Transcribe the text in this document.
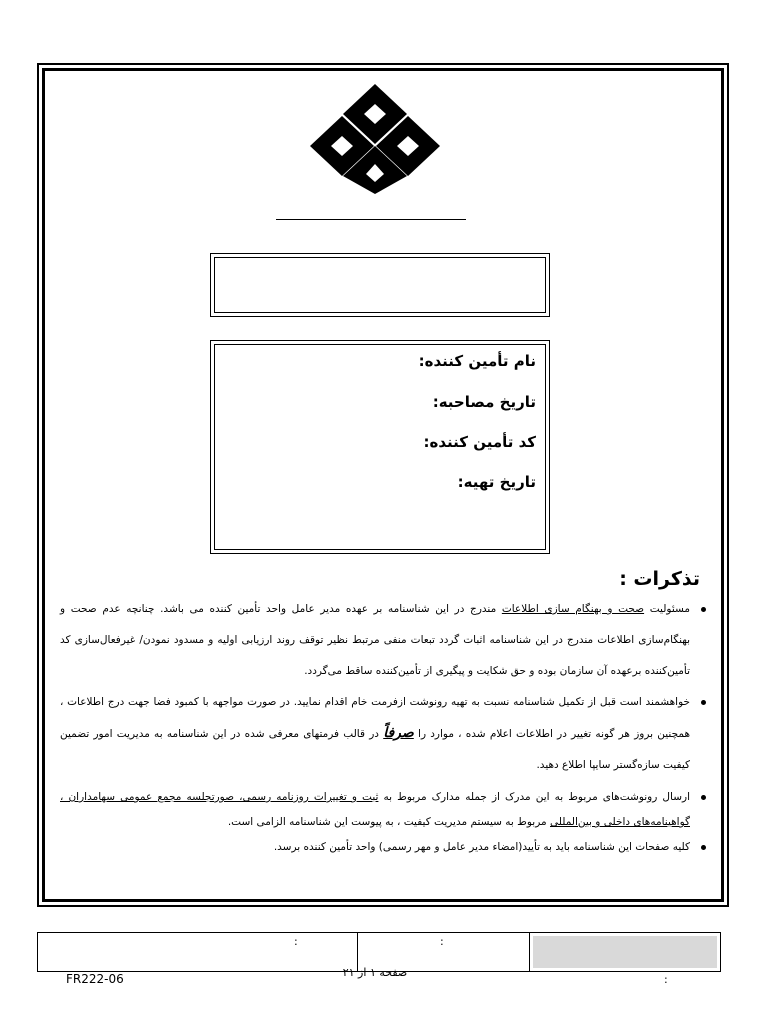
نام تأمین کننده:
تاریخ مصاحبه:
کد تأمین کننده:
تاریخ تهیه:
تذکرات :
مسئولیت صحت و بهنگام سازی اطلاعات مندرج در این شناسنامه بر عهده مدیر عامل واحد تأمین کننده می باشد. چنانچه عدم صحت و بهنگام‌سازی اطلاعات مندرج در این شناسنامه اثبات گردد تبعات منفی مرتبط نظیر توقف روند ارزیابی اولیه و مسدود نمودن/ غیرفعال‌سازی کد تأمین‌کننده برعهده آن سازمان بوده و حق شکایت و پیگیری از تأمین‌کننده ساقط می‌گردد.
خواهشمند است قبل از تکمیل شناسنامه نسبت به تهیه رونوشت ازفرمت خام اقدام نمایید. در صورت مواجهه با کمبود فضا جهت درج اطلاعات ، همچنین بروز هر گونه تغییر در اطلاعات اعلام شده ، موارد را صرفاً در قالب فرمتهای معرفی شده در این شناسنامه به مدیریت امور تضمین کیفیت سازه‌گستر سایپا اطلاع دهید.
ارسال رونوشت‌های مربوط به این مدرک از جمله مدارک مربوط به ثبت و تغییرات روزنامه رسمی، صورتجلسه مجمع عمومی سهامداران ، گواهینامه‌های داخلی و بین‌المللی مربوط به سیستم مدیریت کیفیت ، به پیوست این شناسنامه الزامی است.
کلیه صفحات این شناسنامه باید به تأیید(امضاء مدیر عامل و مهر رسمی) واحد تأمین کننده برسد.
:	:
FR222-06	صفحه ۱ از ۲۱
:
